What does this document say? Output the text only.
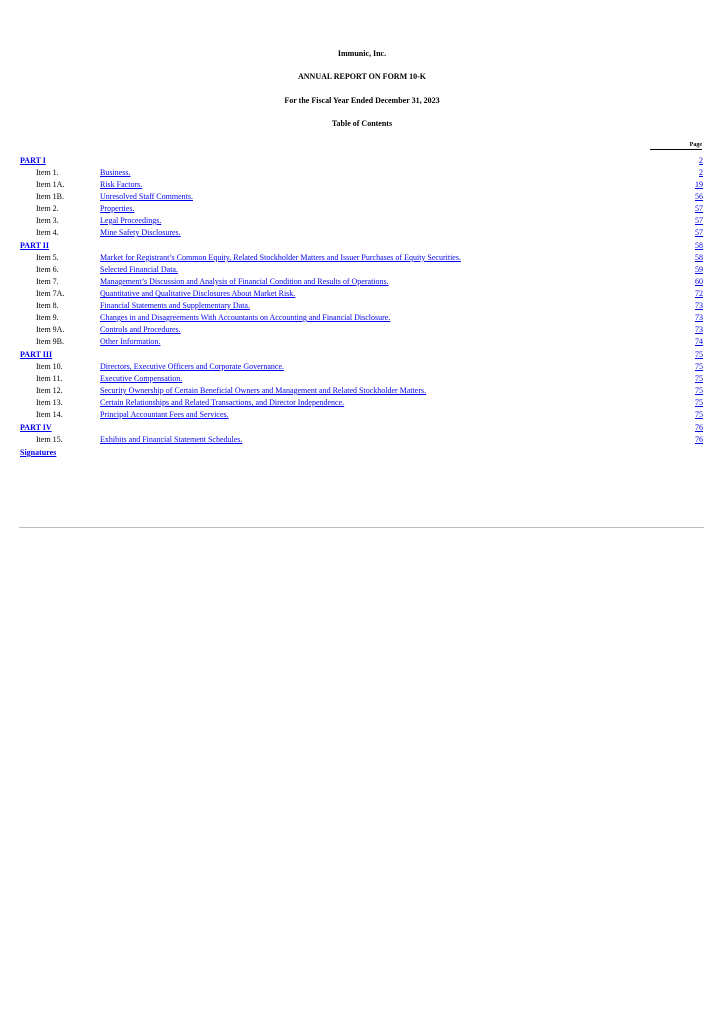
Immunic, Inc.
ANNUAL REPORT ON FORM 10-K
For the Fiscal Year Ended December 31, 2023
Table of Contents
Page
PART I	2
Item 1.	Business.	2
Item 1A.	Risk Factors.	19
Item 1B.	Unresolved Staff Comments.	56
Item 2.	Properties.	57
Item 3.	Legal Proceedings.	57
Item 4.	Mine Safety Disclosures.	57
PART II	58
Item 5.	Market for Registrant’s Common Equity, Related Stockholder Matters and Issuer Purchases of Equity Securities.	58
Item 6.	Selected Financial Data.	59
Item 7.	Management’s Discussion and Analysis of Financial Condition and Results of Operations.	60
Item 7A.	Quantitative and Qualitative Disclosures About Market Risk.	72
Item 8.	Financial Statements and Supplementary Data.	73
Item 9.	Changes in and Disagreements With Accountants on Accounting and Financial Disclosure.	73
Item 9A.	Controls and Procedures.	73
Item 9B.	Other Information.	74
PART III	75
Item 10.	Directors, Executive Officers and Corporate Governance.	75
Item 11.	Executive Compensation.	75
Item 12.	Security Ownership of Certain Beneficial Owners and Management and Related Stockholder Matters.	75
Item 13.	Certain Relationships and Related Transactions, and Director Independence.	75
Item 14.	Principal Accountant Fees and Services.	75
PART IV	76
Item 15.	Exhibits and Financial Statement Schedules.	76
Signatures
